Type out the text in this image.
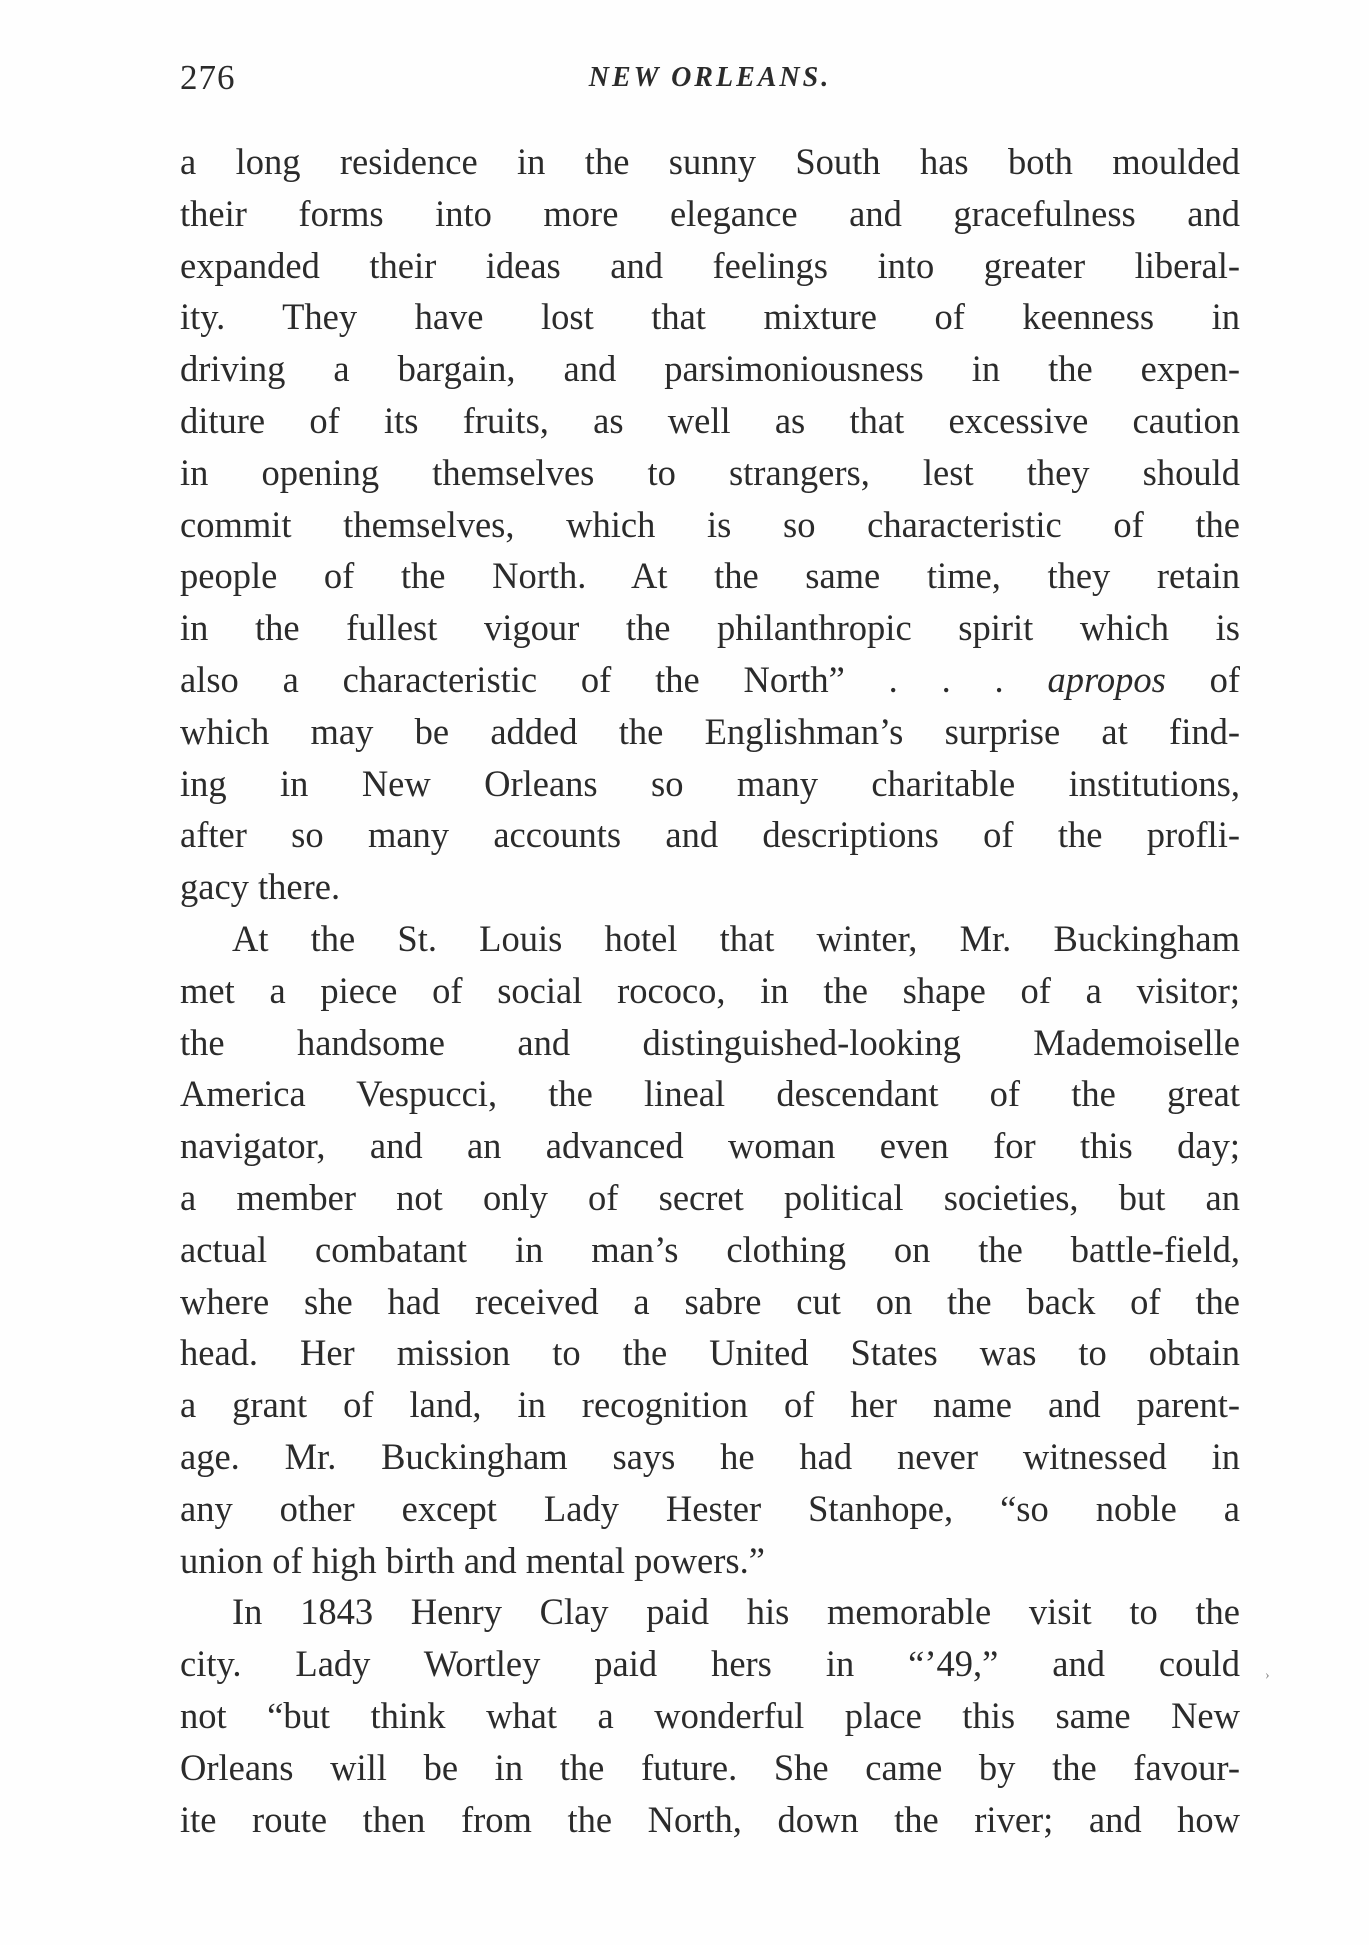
276	NEW ORLEANS.
a long residence in the sunny South has both moulded
their forms into more elegance and gracefulness and
expanded their ideas and feelings into greater liberal-
ity. They have lost that mixture of keenness in
driving a bargain, and parsimoniousness in the expen-
diture of its fruits, as well as that excessive caution
in opening themselves to strangers, lest they should
commit themselves, which is so characteristic of the
people of the North. At the same time, they retain
in the fullest vigour the philanthropic spirit which is
also a characteristic of the North” . . . apropos of
which may be added the Englishman’s surprise at find-
ing in New Orleans so many charitable institutions,
after so many accounts and descriptions of the profli-
gacy there.
At the St. Louis hotel that winter, Mr. Buckingham
met a piece of social rococo, in the shape of a visitor;
the handsome and distinguished-looking Mademoiselle
America Vespucci, the lineal descendant of the great
navigator, and an advanced woman even for this day;
a member not only of secret political societies, but an
actual combatant in man’s clothing on the battle-field,
where she had received a sabre cut on the back of the
head. Her mission to the United States was to obtain
a grant of land, in recognition of her name and parent-
age. Mr. Buckingham says he had never witnessed in
any other except Lady Hester Stanhope, “so noble a
union of high birth and mental powers.”
In 1843 Henry Clay paid his memorable visit to the
city. Lady Wortley paid hers in “’49,” and could
not “but think what a wonderful place this same New
Orleans will be in the future. She came by the favour-
ite route then from the North, down the river; and how
›
